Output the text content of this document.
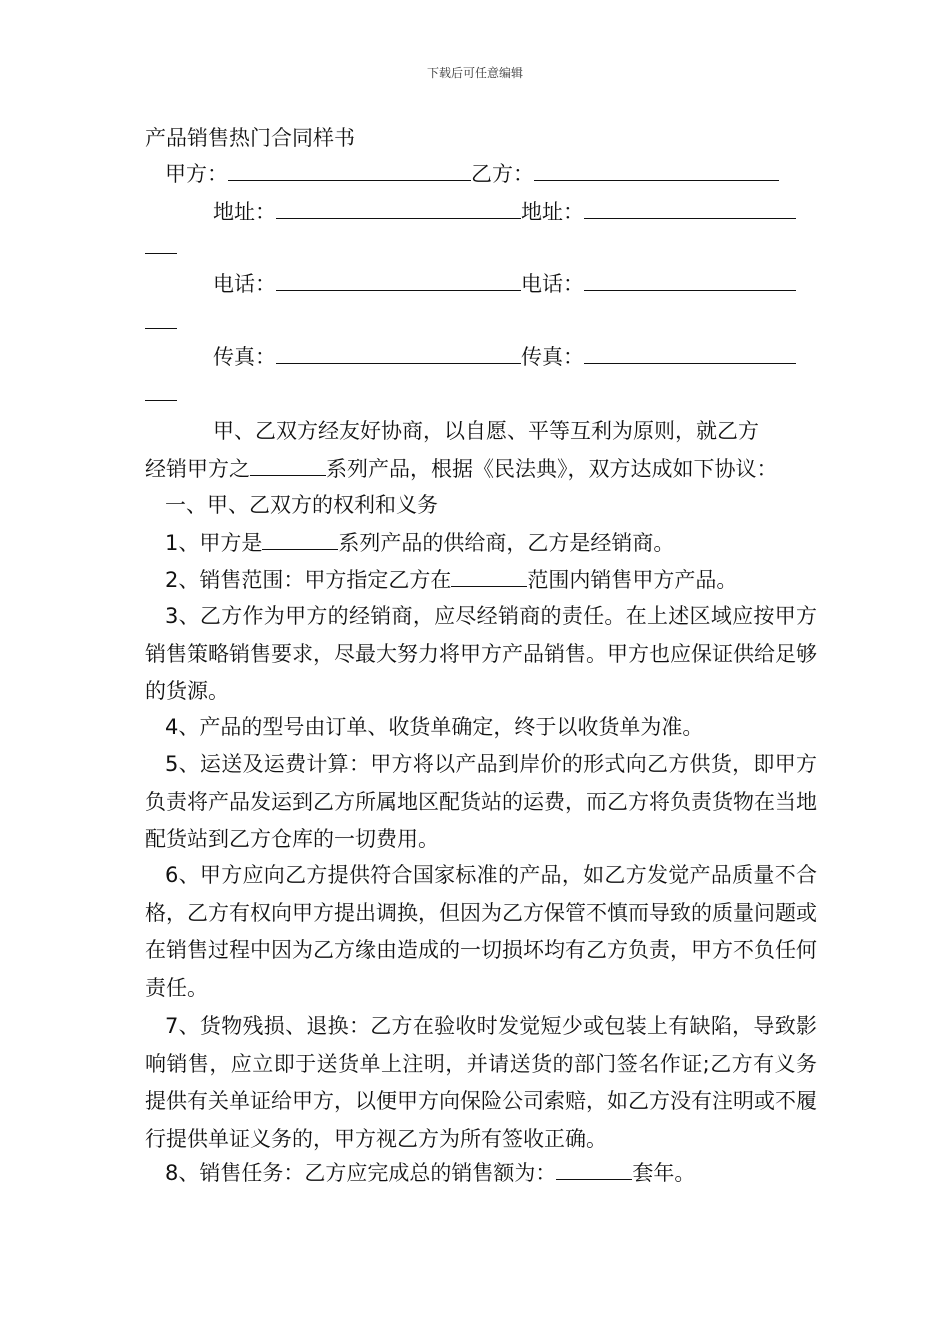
下载后可任意编辑
产品销售热门合同样书
甲方：	乙方：
地址：	地址：
电话：	电话：
传真：	传真：
甲、乙双方经友好协商，以自愿、平等互利为原则，就乙方
经销甲方之	系列产品，根据《民法典》，双方达成如下协议：
一、甲、乙双方的权利和义务
1、甲方是	系列产品的供给商，乙方是经销商。
2、销售范围：甲方指定乙方在	范围内销售甲方产品。
3、乙方作为甲方的经销商，应尽经销商的责任。在上述区域应按甲方销售策略销售要求，尽最大努力将甲方产品销售。甲方也应保证供给足够的货源。
4、产品的型号由订单、收货单确定，终于以收货单为准。
5、运送及运费计算：甲方将以产品到岸价的形式向乙方供货，即甲方负责将产品发运到乙方所属地区配货站的运费，而乙方将负责货物在当地配货站到乙方仓库的一切费用。
6、甲方应向乙方提供符合国家标准的产品，如乙方发觉产品质量不合格，乙方有权向甲方提出调换，但因为乙方保管不慎而导致的质量问题或在销售过程中因为乙方缘由造成的一切损坏均有乙方负责，甲方不负任何责任。
7、货物残损、退换：乙方在验收时发觉短少或包装上有缺陷，导致影响销售，应立即于送货单上注明，并请送货的部门签名作证;乙方有义务提供有关单证给甲方，以便甲方向保险公司索赔，如乙方没有注明或不履行提供单证义务的，甲方视乙方为所有签收正确。
8、销售任务：乙方应完成总的销售额为：	套年。
